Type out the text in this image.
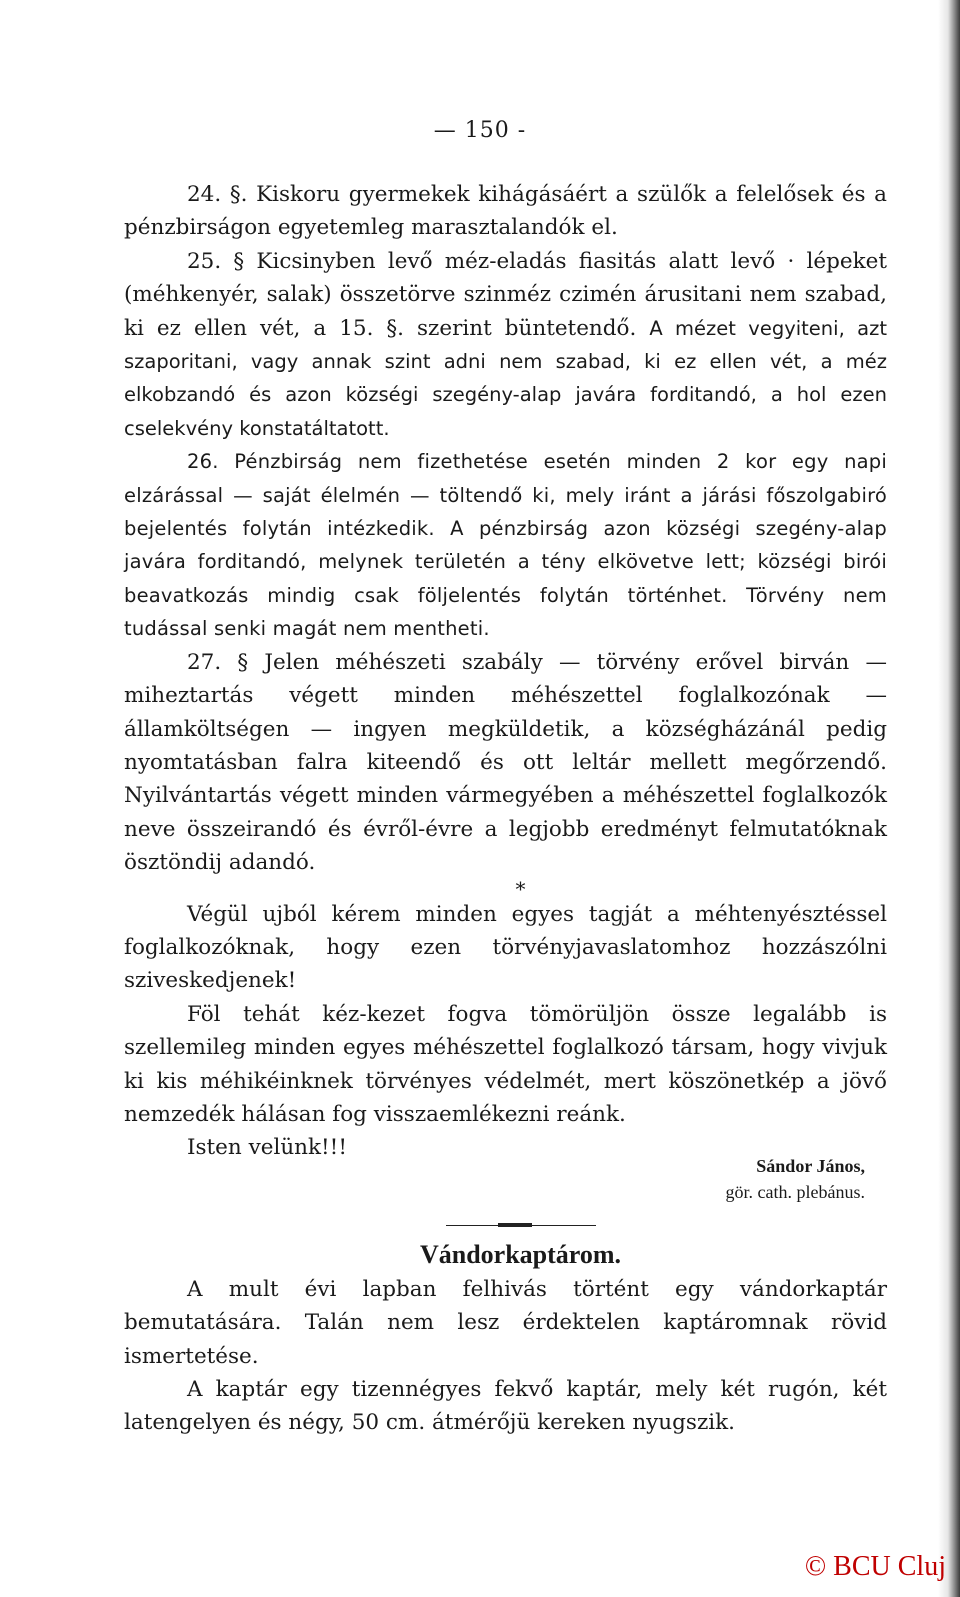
— 150 -

24. §. Kiskoru gyermekek kihágásáért a szülők a felelősek és a pénzbirságon egyetemleg marasztalandók el.

25. § Kicsinyben levő méz-eladás fiasitás alatt levő · lépeket (méhkenyér, salak) összetörve szinméz czimén árusitani nem szabad, ki ez ellen vét, a 15. §. szerint büntetendő. A mézet vegyiteni, azt szaporitani, vagy annak szint adni nem szabad, ki ez ellen vét, a méz elkobzandó és azon községi szegény-alap javára forditandó, a hol ezen cselekvény konstatáltatott.

26. Pénzbirság nem fizethetése esetén minden 2 kor egy napi elzárással — saját élelmén — töltendő ki, mely iránt a járási főszolgabiró bejelentés folytán intézkedik. A pénzbirság azon községi szegény-alap javára forditandó, melynek területén a tény elkövetve lett; községi birói beavatkozás mindig csak följelentés folytán történhet. Törvény nem tudással senki magát nem mentheti.

27. § Jelen méhészeti szabály — törvény erővel birván — miheztartás végett minden méhészettel foglalkozónak — államköltségen — ingyen megküldetik, a községházánál pedig nyomtatásban falra kiteendő és ott leltár mellett megőrzendő. Nyilvántartás végett minden vármegyében a méhészettel foglalkozók neve összeirandó és évről-évre a legjobb eredményt felmutatóknak ösztöndij adandó.

*

Végül ujból kérem minden egyes tagját a méhtenyésztéssel foglalkozóknak, hogy ezen törvényjavaslatomhoz hozzászólni sziveskedjenek!

Föl tehát kéz-kezet fogva tömörüljön össze legalább is szellemileg minden egyes méhészettel foglalkozó társam, hogy vivjuk ki kis méhikéinknek törvényes védelmét, mert köszönetkép a jövő nemzedék hálásan fog visszaemlékezni reánk.

Isten velünk!!!

Sándor János,
gör. cath. plebánus.
Vándorkaptárom.

A mult évi lapban felhivás történt egy vándorkaptár bemutatására. Talán nem lesz érdektelen kaptáromnak rövid ismertetése.

A kaptár egy tizennégyes fekvő kaptár, mely két rugón, két latengelyen és négy, 50 cm. átmérőjü kereken nyugszik.

© BCU Cluj
